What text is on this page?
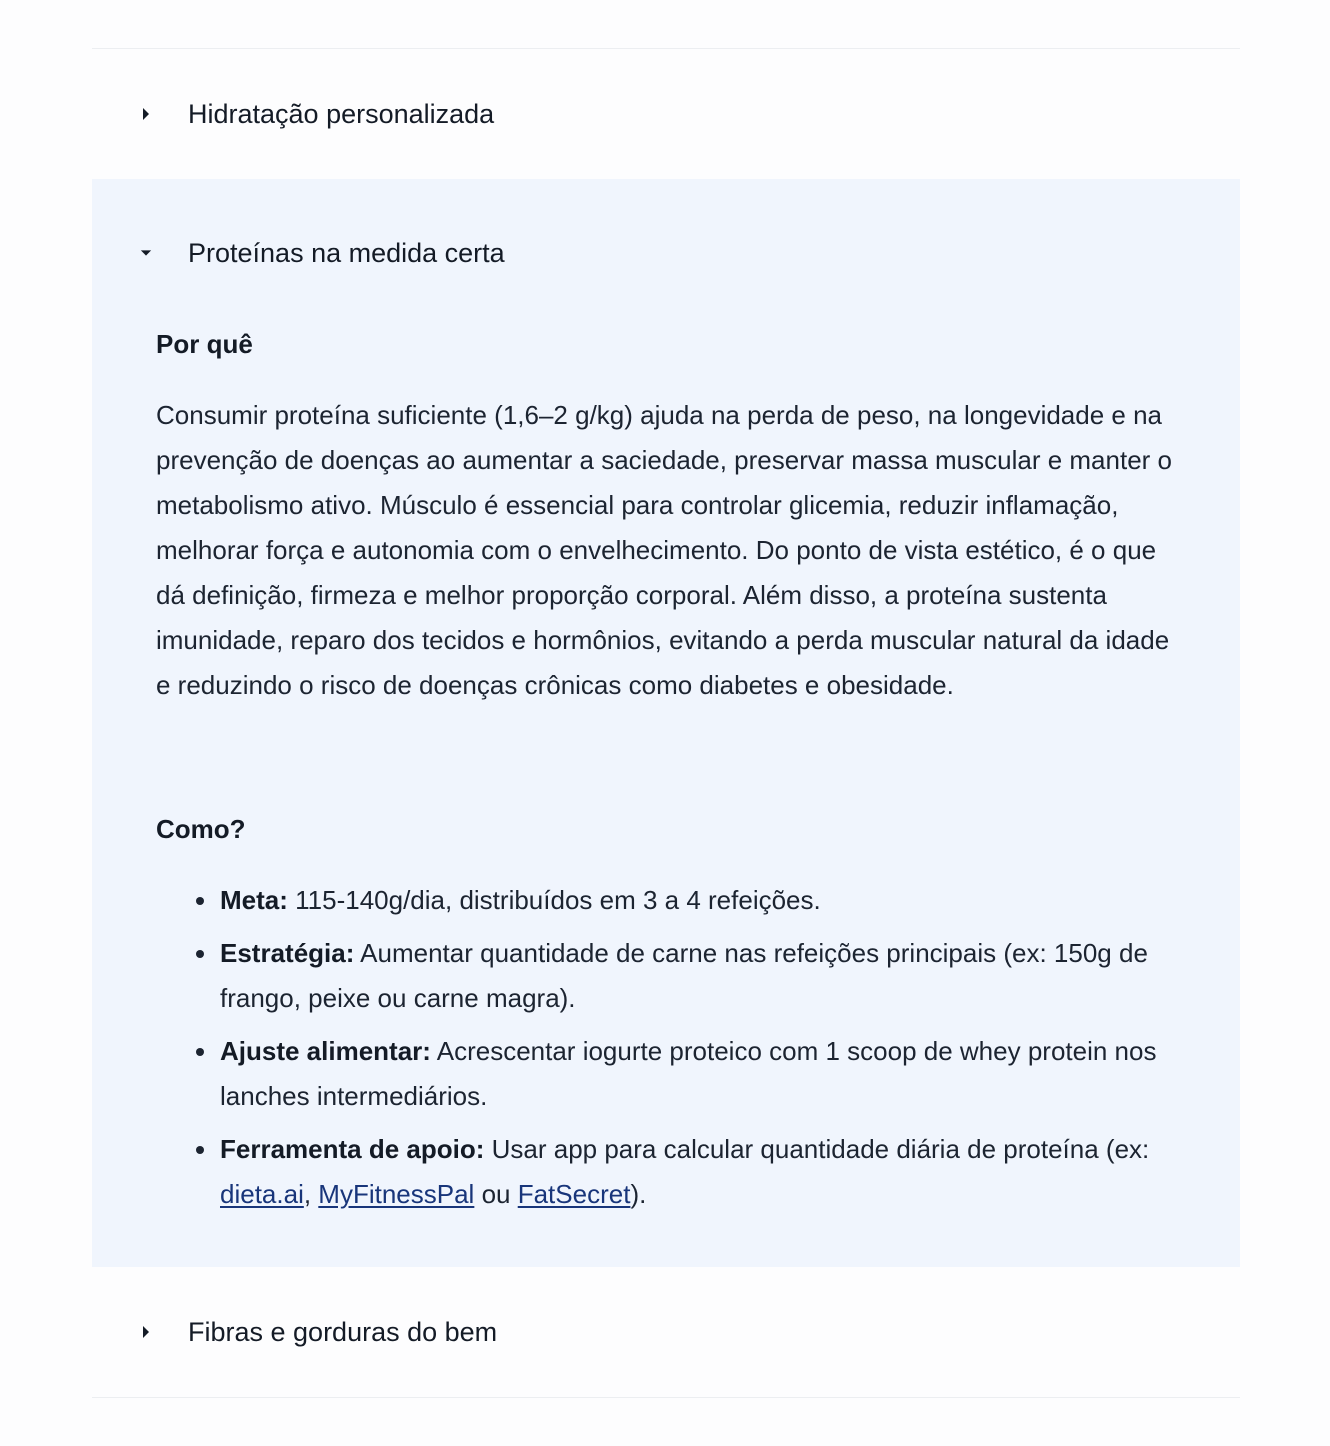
Hidratação personalizada
Proteínas na medida certa
Por quê

Consumir proteína suficiente (1,6–2 g/kg) ajuda na perda de peso, na longevidade e na prevenção de doenças ao aumentar a saciedade, preservar massa muscular e manter o metabolismo ativo. Músculo é essencial para controlar glicemia, reduzir inflamação, melhorar força e autonomia com o envelhecimento. Do ponto de vista estético, é o que dá definição, firmeza e melhor proporção corporal. Além disso, a proteína sustenta imunidade, reparo dos tecidos e hormônios, evitando a perda muscular natural da idade e reduzindo o risco de doenças crônicas como diabetes e obesidade.

Como?
Meta: 115-140g/dia, distribuídos em 3 a 4 refeições.
Estratégia: Aumentar quantidade de carne nas refeições principais (ex: 150g de frango, peixe ou carne magra).
Ajuste alimentar: Acrescentar iogurte proteico com 1 scoop de whey protein nos lanches intermediários.
Ferramenta de apoio: Usar app para calcular quantidade diária de proteína (ex: dieta.ai, MyFitnessPal ou FatSecret).
Fibras e gorduras do bem
